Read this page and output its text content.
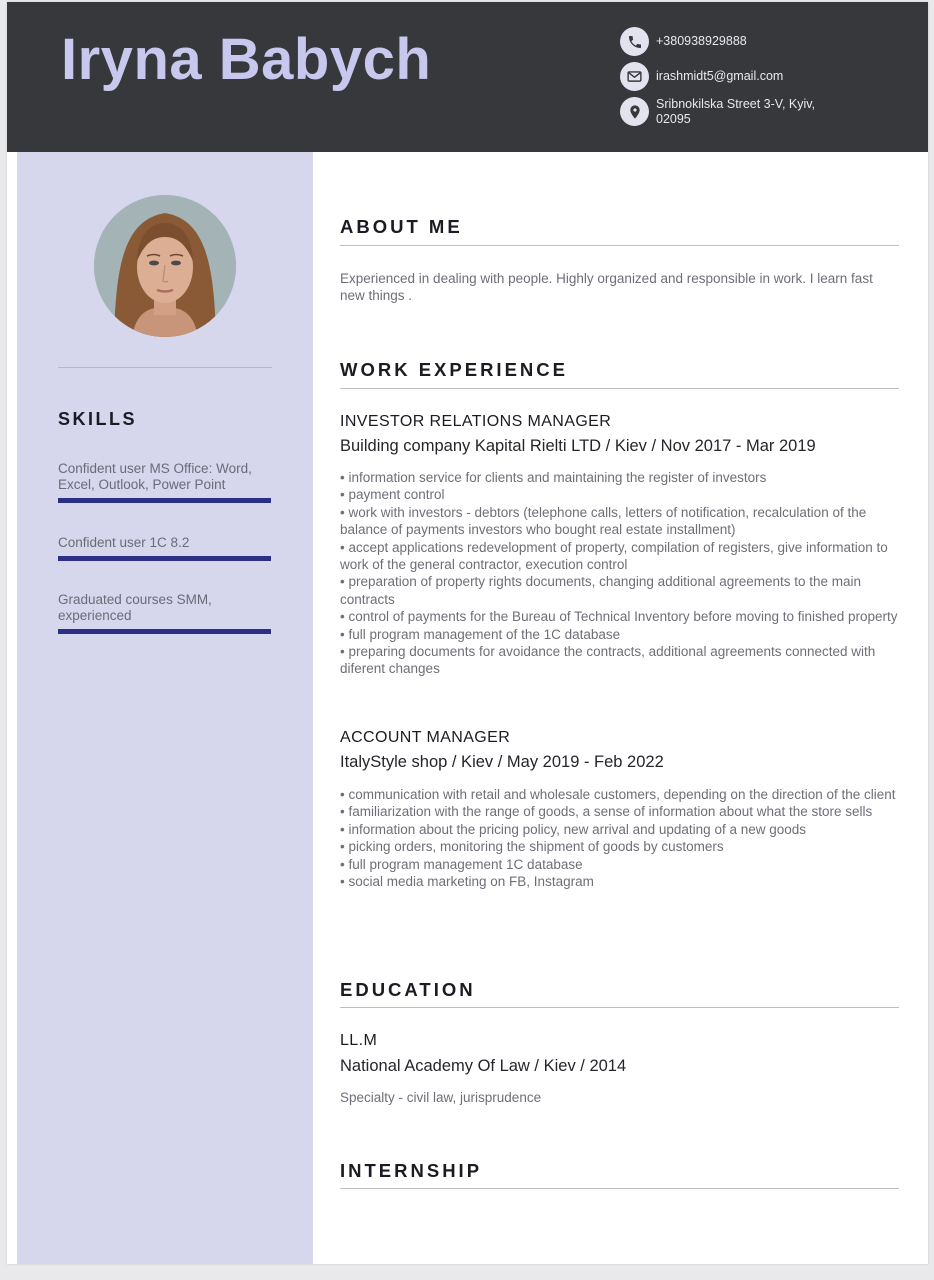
Iryna Babych	+380938929888
irashmidt5@gmail.com
Sribnokilska Street 3-V, Kyiv, 02095
SKILLS
Confident user MS Office: Word, Excel, Outlook, Power Point
Confident user 1C 8.2
Graduated courses SMM, experienced
ABOUT ME
Experienced in dealing with people. Highly organized and responsible in work. I learn fast new things .
WORK EXPERIENCE
INVESTOR RELATIONS MANAGER
Building company Kapital Rielti LTD / Kiev / Nov 2017 - Mar 2019
• information service for clients and maintaining the register of investors
• payment control
• work with investors - debtors (telephone calls, letters of notification, recalculation of the balance of payments investors who bought real estate installment)
• accept applications redevelopment of property, compilation of registers, give information to work of the general contractor, execution control
• preparation of property rights documents, changing additional agreements to the main contracts
• control of payments for the Bureau of Technical Inventory before moving to finished property
• full program management of the 1C database
• preparing documents for avoidance the contracts, additional agreements connected with diferent changes
ACCOUNT MANAGER
ItalyStyle shop / Kiev / May 2019 - Feb 2022
• communication with retail and wholesale customers, depending on the direction of the client
• familiarization with the range of goods, a sense of information about what the store sells
• information about the pricing policy, new arrival and updating of a new goods
• picking orders, monitoring the shipment of goods by customers
• full program management 1C database
• social media marketing on FB, Instagram
EDUCATION
LL.M
National Academy Of Law / Kiev / 2014
Specialty - civil law, jurisprudence
INTERNSHIP
